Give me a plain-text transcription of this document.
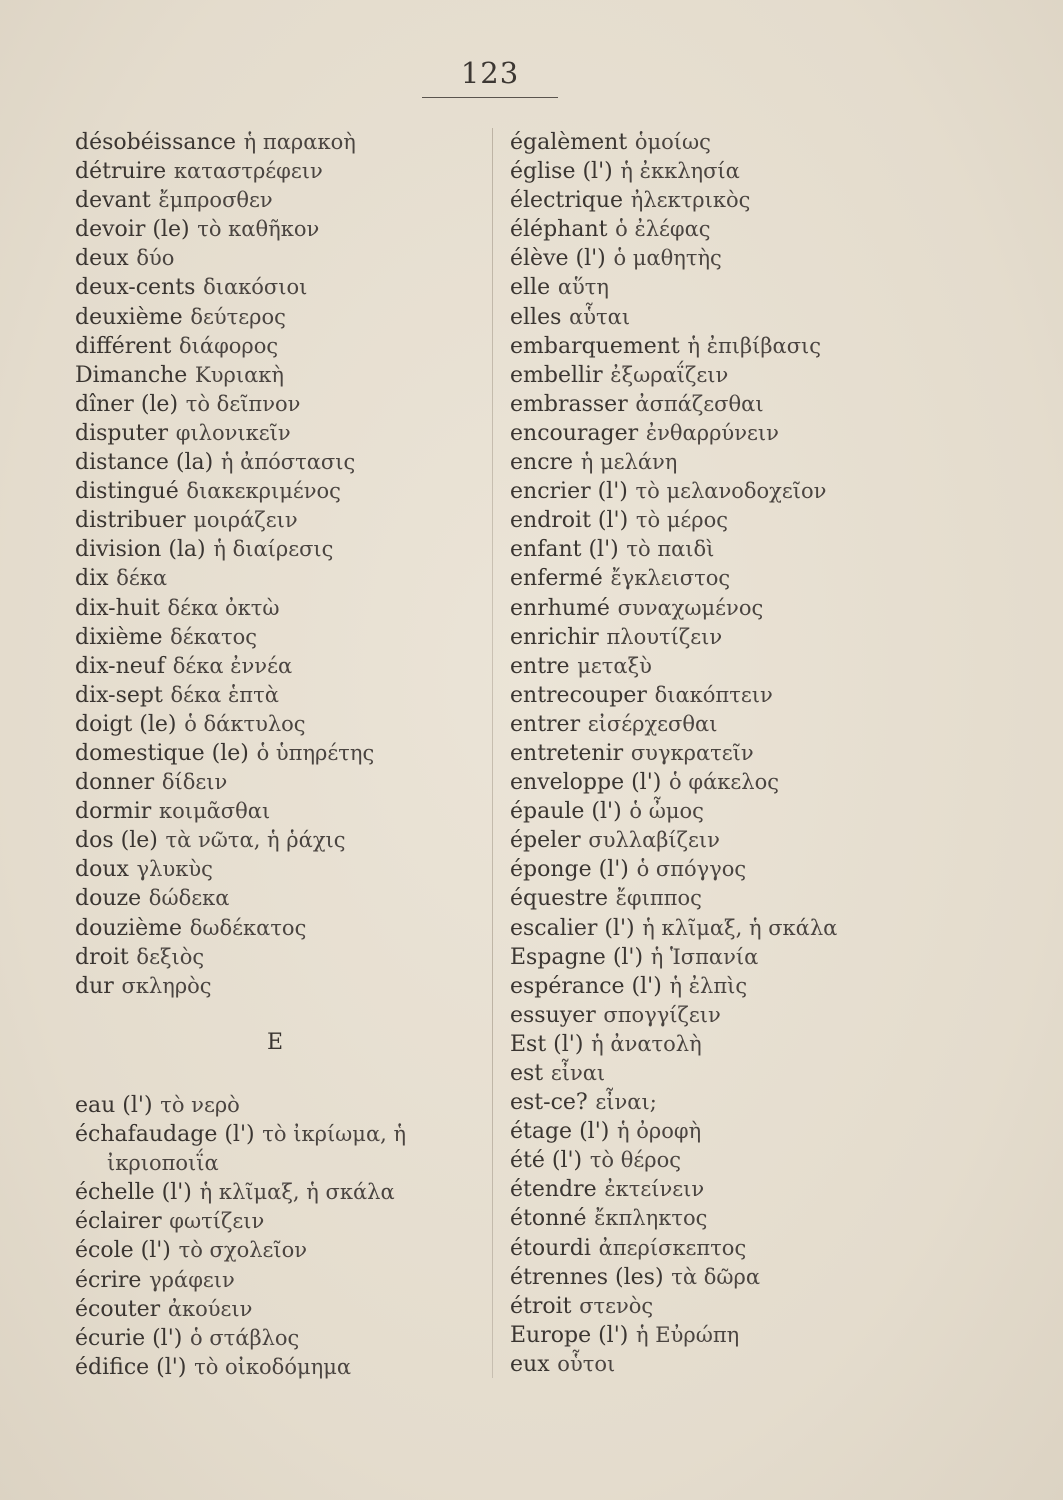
123
désobéissance ἡ παρακοὴ
détruire καταστρέφειν
devant ἔμπροσθεν
devoir (le) τὸ καθῆκον
deux δύο
deux-cents διακόσιοι
deuxième δεύτερος
différent διάφορος
Dimanche Κυριακὴ
dîner (le) τὸ δεῖπνον
disputer φιλονικεῖν
distance (la) ἡ ἀπόστασις
distingué διακεκριμένος
distribuer μοιράζειν
division (la) ἡ διαίρεσις
dix δέκα
dix-huit δέκα ὀκτὼ
dixième δέκατος
dix-neuf δέκα ἐννέα
dix-sept δέκα ἑπτὰ
doigt (le) ὁ δάκτυλος
domestique (le) ὁ ὑπηρέτης
donner δίδειν
dormir κοιμᾶσθαι
dos (le) τὰ νῶτα, ἡ ῥάχις
doux γλυκὺς
douze δώδεκα
douzième δωδέκατος
droit δεξιὸς
dur σκληρὸς
E
eau (l') τὸ νερὸ
échafaudage (l') τὸ ἰκρίωμα, ἡ
ἰκριοποιΐα
échelle (l') ἡ κλῖμαξ, ἡ σκάλα
éclairer φωτίζειν
école (l') τὸ σχολεῖον
écrire γράφειν
écouter ἀκούειν
écurie (l') ὁ στάβλος
édifice (l') τὸ οἰκοδόμημα
égalèment ὁμοίως
église (l') ἡ ἐκκλησία
électrique ἠλεκτρικὸς
éléphant ὁ ἐλέφας
élève (l') ὁ μαθητὴς
elle αὕτη
elles αὗται
embarquement ἡ ἐπιβίβασις
embellir ἐξωραΐζειν
embrasser ἀσπάζεσθαι
encourager ἐνθαρρύνειν
encre ἡ μελάνη
encrier (l') τὸ μελανοδοχεῖον
endroit (l') τὸ μέρος
enfant (l') τὸ παιδὶ
enfermé ἔγκλειστος
enrhumé συναχωμένος
enrichir πλουτίζειν
entre μεταξὺ
entrecouper διακόπτειν
entrer εἰσέρχεσθαι
entretenir συγκρατεῖν
enveloppe (l') ὁ φάκελος
épaule (l') ὁ ὦμος
épeler συλλαβίζειν
éponge (l') ὁ σπόγγος
équestre ἔφιππος
escalier (l') ἡ κλῖμαξ, ἡ σκάλα
Espagne (l') ἡ Ἱσπανία
espérance (l') ἡ ἐλπὶς
essuyer σπογγίζειν
Est (l') ἡ ἀνατολὴ
est εἶναι
est-ce? εἶναι;
étage (l') ἡ ὀροφὴ
été (l') τὸ θέρος
étendre ἐκτείνειν
étonné ἔκπληκτος
étourdi ἀπερίσκεπτος
étrennes (les) τὰ δῶρα
étroit στενὸς
Europe (l') ἡ Εὐρώπη
eux οὗτοι
